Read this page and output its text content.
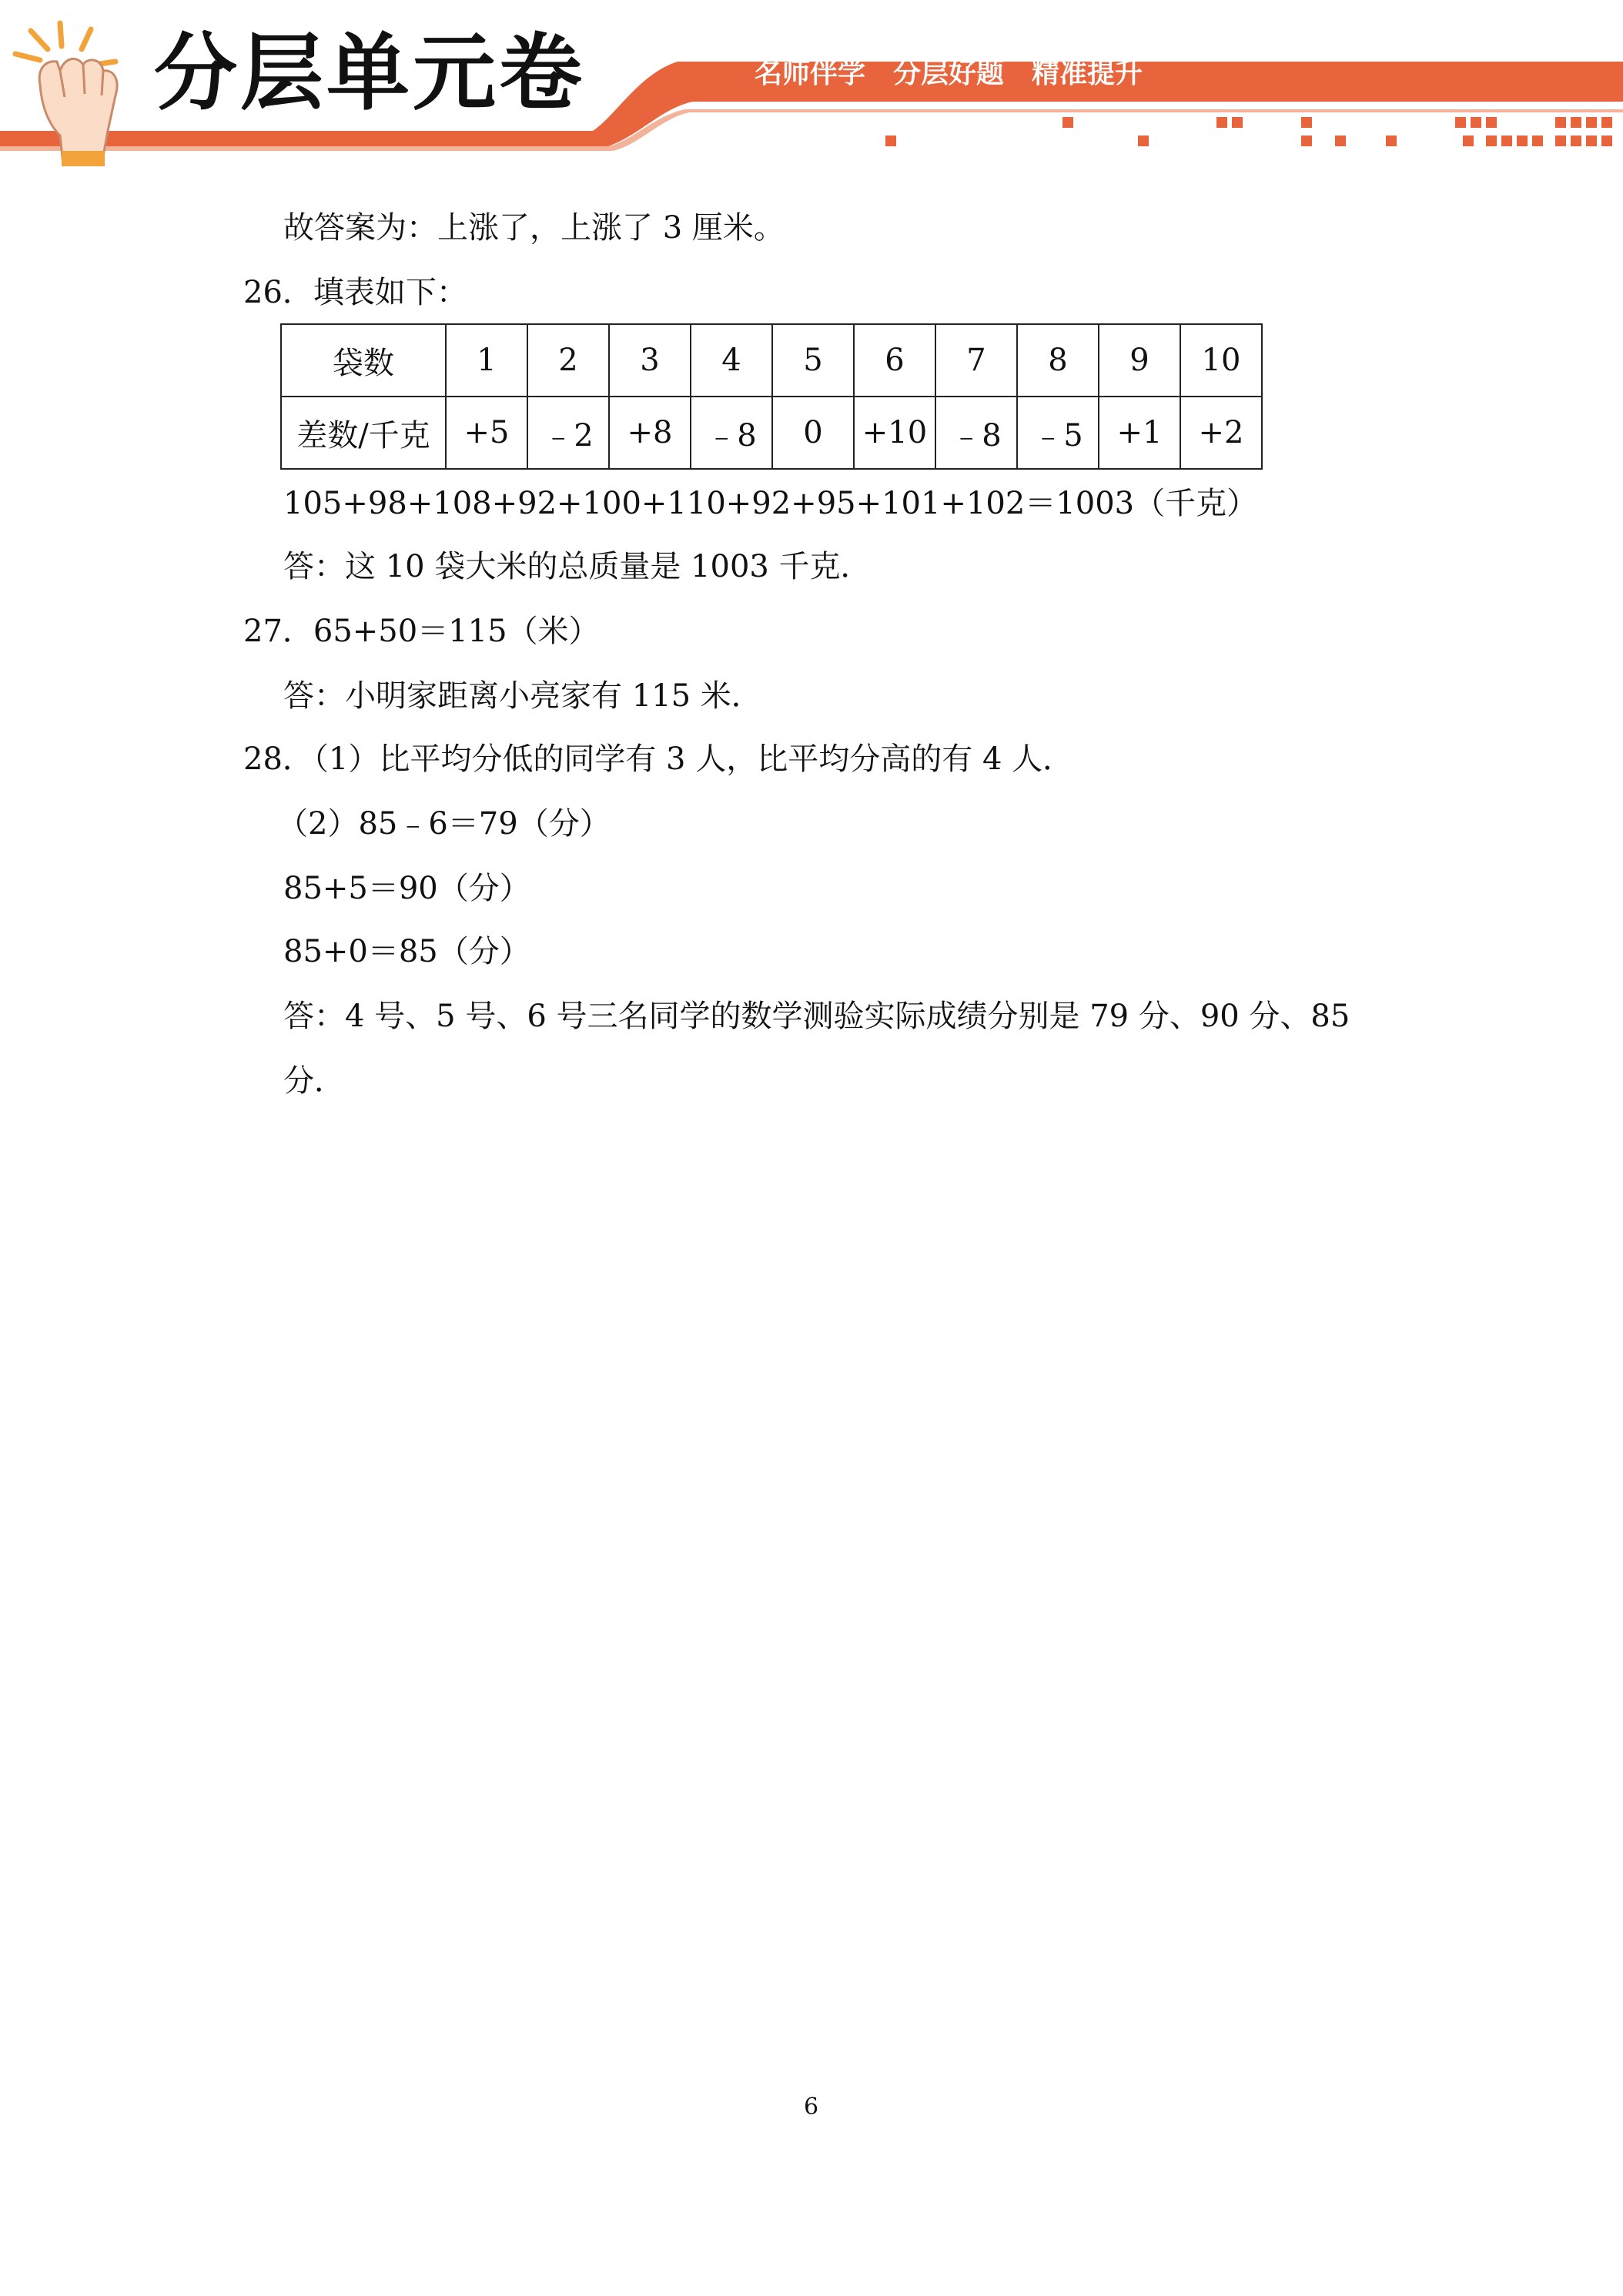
分层单元卷	名师伴学 分层好题 精准提升
故答案为：上涨了，上涨了 3 厘米。
26．填表如下：
袋数	1	2	3	4	5	6	7	8	9	10
差数/千克	+5	﹣2	+8	﹣8	0	+10	﹣8	﹣5	+1	+2
105+98+108+92+100+110+92+95+101+102＝1003（千克）
答：这 10 袋大米的总质量是 1003 千克．
27．65+50＝115（米）
答：小明家距离小亮家有 115 米．
28．（1）比平均分低的同学有 3 人，比平均分高的有 4 人．
（2）85﹣6＝79（分）
85+5＝90（分）
85+0＝85（分）
答：4 号、5 号、6 号三名同学的数学测验实际成绩分别是 79 分、90 分、85
分．
6
